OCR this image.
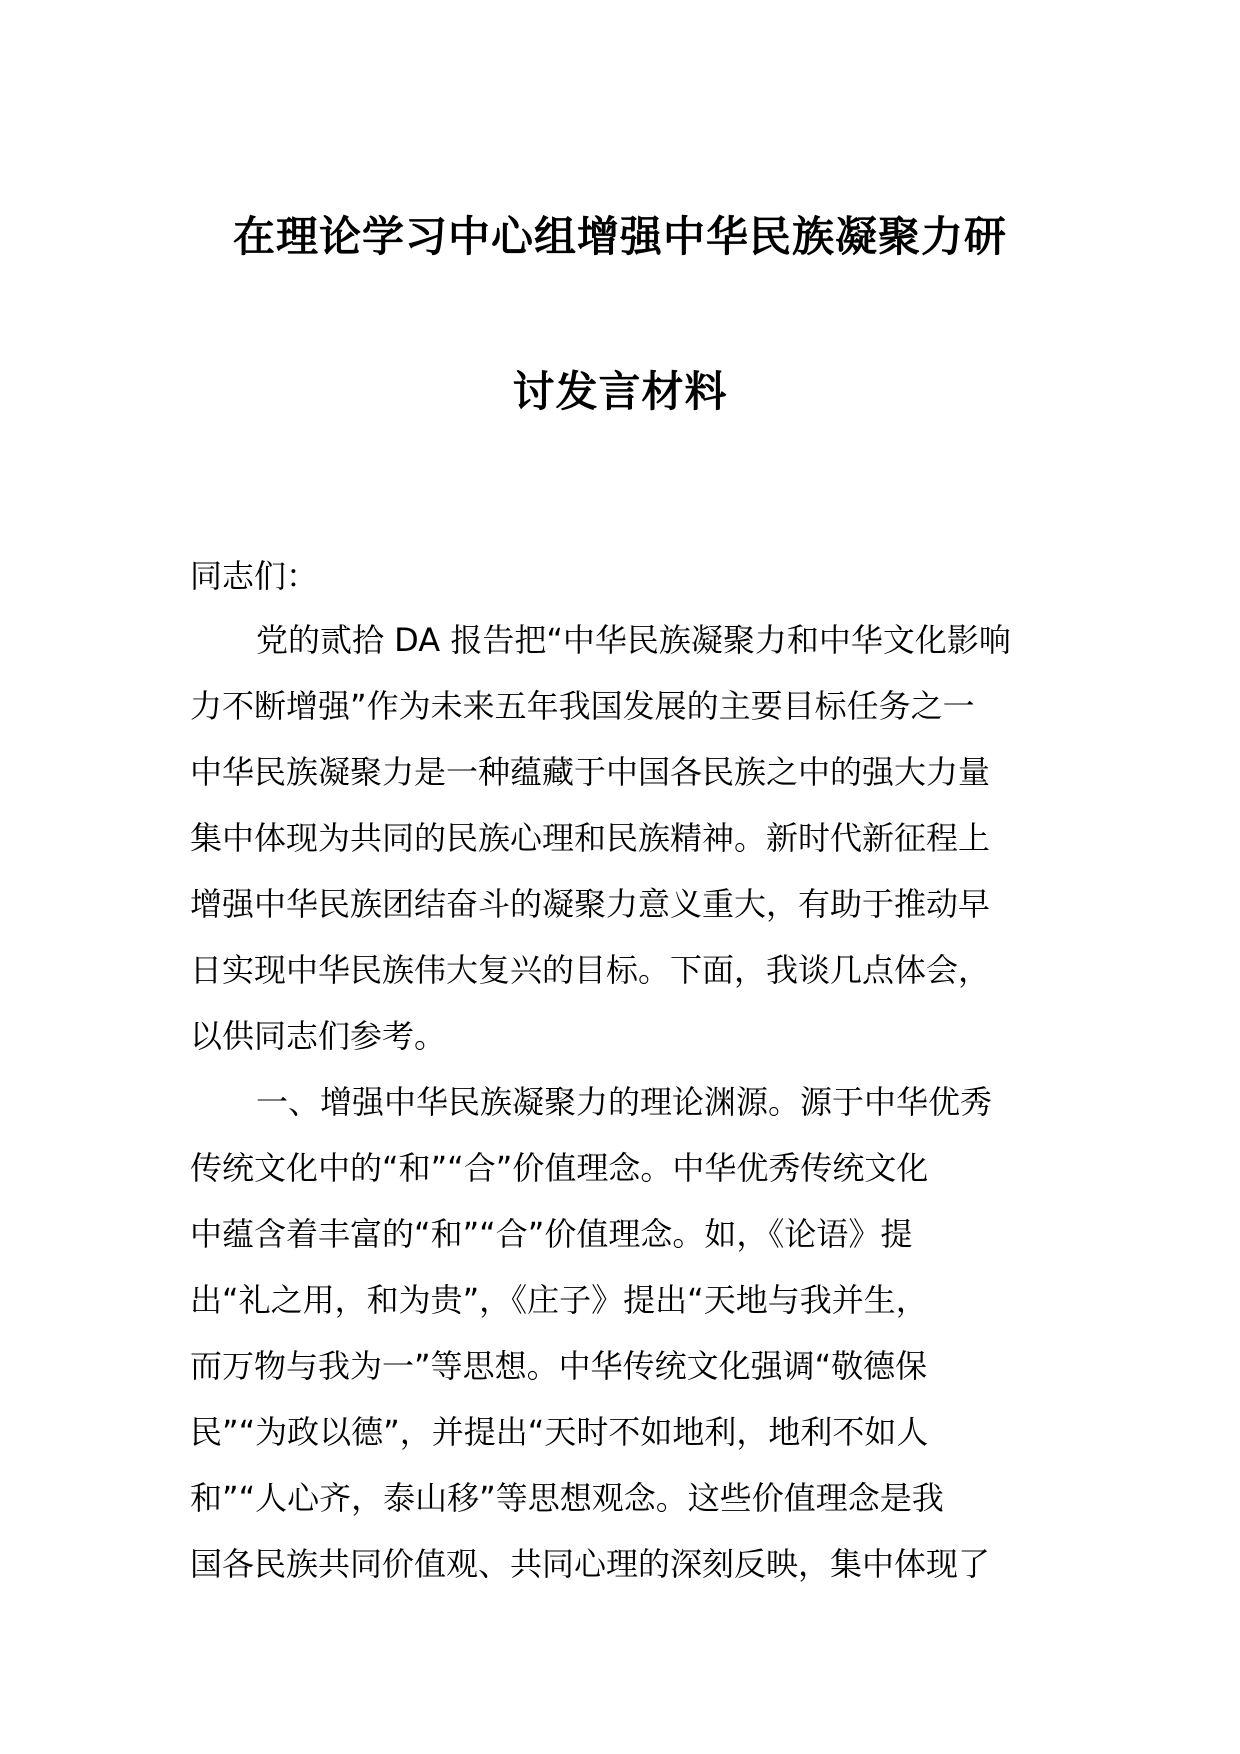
在理论学习中心组增强中华民族凝聚力研
讨发言材料
同志们：
党的贰拾 DA 报告把“中华民族凝聚力和中华文化影响
力不断增强”作为未来五年我国发展的主要目标任务之一
中华民族凝聚力是一种蕴藏于中国各民族之中的强大力量
集中体现为共同的民族心理和民族精神。新时代新征程上
增强中华民族团结奋斗的凝聚力意义重大，有助于推动早
日实现中华民族伟大复兴的目标。下面，我谈几点体会，
以供同志们参考。
一、增强中华民族凝聚力的理论渊源。源于中华优秀
传统文化中的“和”“合”价值理念。中华优秀传统文化
中蕴含着丰富的“和”“合”价值理念。如，《论语》提
出“礼之用，和为贵”，《庄子》提出“天地与我并生，
而万物与我为一”等思想。中华传统文化强调“敬德保
民”“为政以德”，并提出“天时不如地利，地利不如人
和”“人心齐，泰山移”等思想观念。这些价值理念是我
国各民族共同价值观、共同心理的深刻反映，集中体现了
